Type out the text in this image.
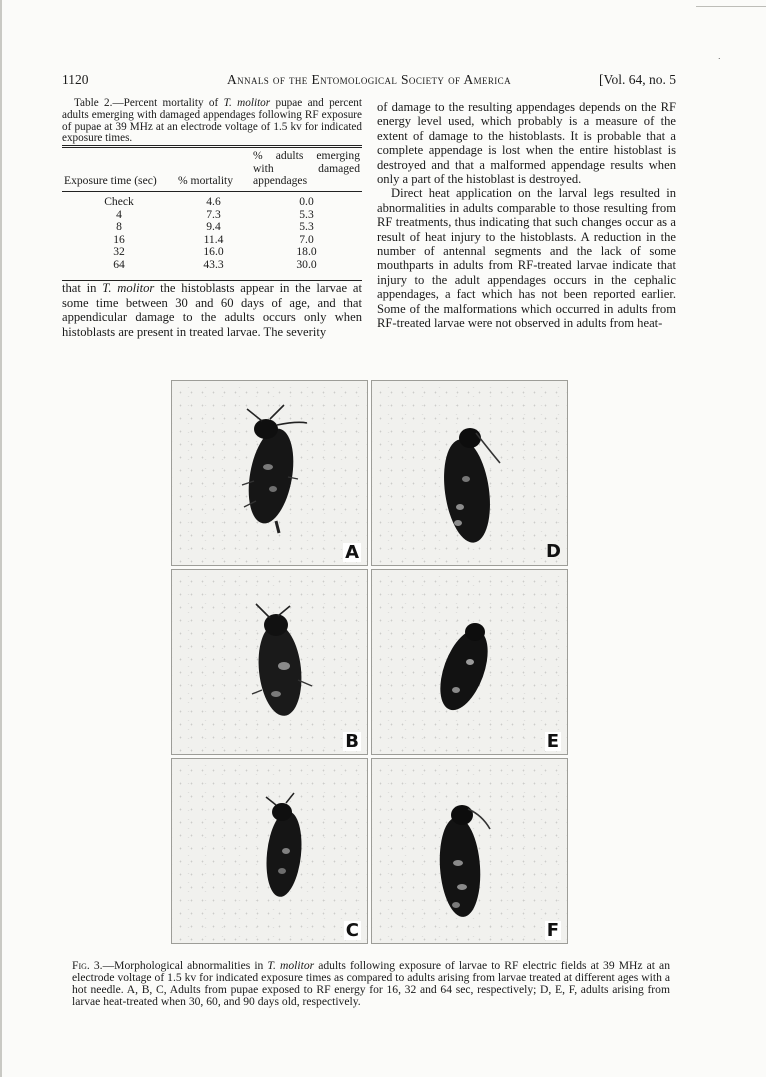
˙
1120	Annals of the Entomological Society of America	[Vol. 64, no. 5

Table 2.—Percent mortality of T. molitor pupae and percent adults emerging with damaged appendages following RF exposure of pupae at 39 MHz at an electrode voltage of 1.5 kv for indicated exposure times.

Exposure time (sec)	% mortality	% adults emerging with damaged appendages
Check	4.6	0.0
4	7.3	5.3
8	9.4	5.3
16	11.4	7.0
32	16.0	18.0
64	43.3	30.0

that in T. molitor the histoblasts appear in the larvae at some time between 30 and 60 days of age, and that appendicular damage to the adults occurs only when histoblasts are present in treated larvae. The severity

of damage to the resulting appendages depends on the RF energy level used, which probably is a measure of the extent of damage to the histoblasts. It is probable that a complete appendage is lost when the entire histoblast is destroyed and that a malformed appendage results when only a part of the histoblast is destroyed.

Direct heat application on the larval legs resulted in abnormalities in adults comparable to those resulting from RF treatments, thus indicating that such changes occur as a result of heat injury to the histoblasts. A reduction in the number of antennal segments and the lack of some mouthparts in adults from RF-treated larvae indicate that injury to the adult appendages occurs in the cephalic appendages, a fact which has not been reported earlier. Some of the malformations which occurred in adults from RF-treated larvae were not observed in adults from heat-

A
B
C
D
E
F

Fig. 3.—Morphological abnormalities in T. molitor adults following exposure of larvae to RF electric fields at 39 MHz at an electrode voltage of 1.5 kv for indicated exposure times as compared to adults arising from larvae treated at different ages with a hot needle. A, B, C, Adults from pupae exposed to RF energy for 16, 32 and 64 sec, respectively; D, E, F, adults arising from larvae heat-treated when 30, 60, and 90 days old, respectively.
